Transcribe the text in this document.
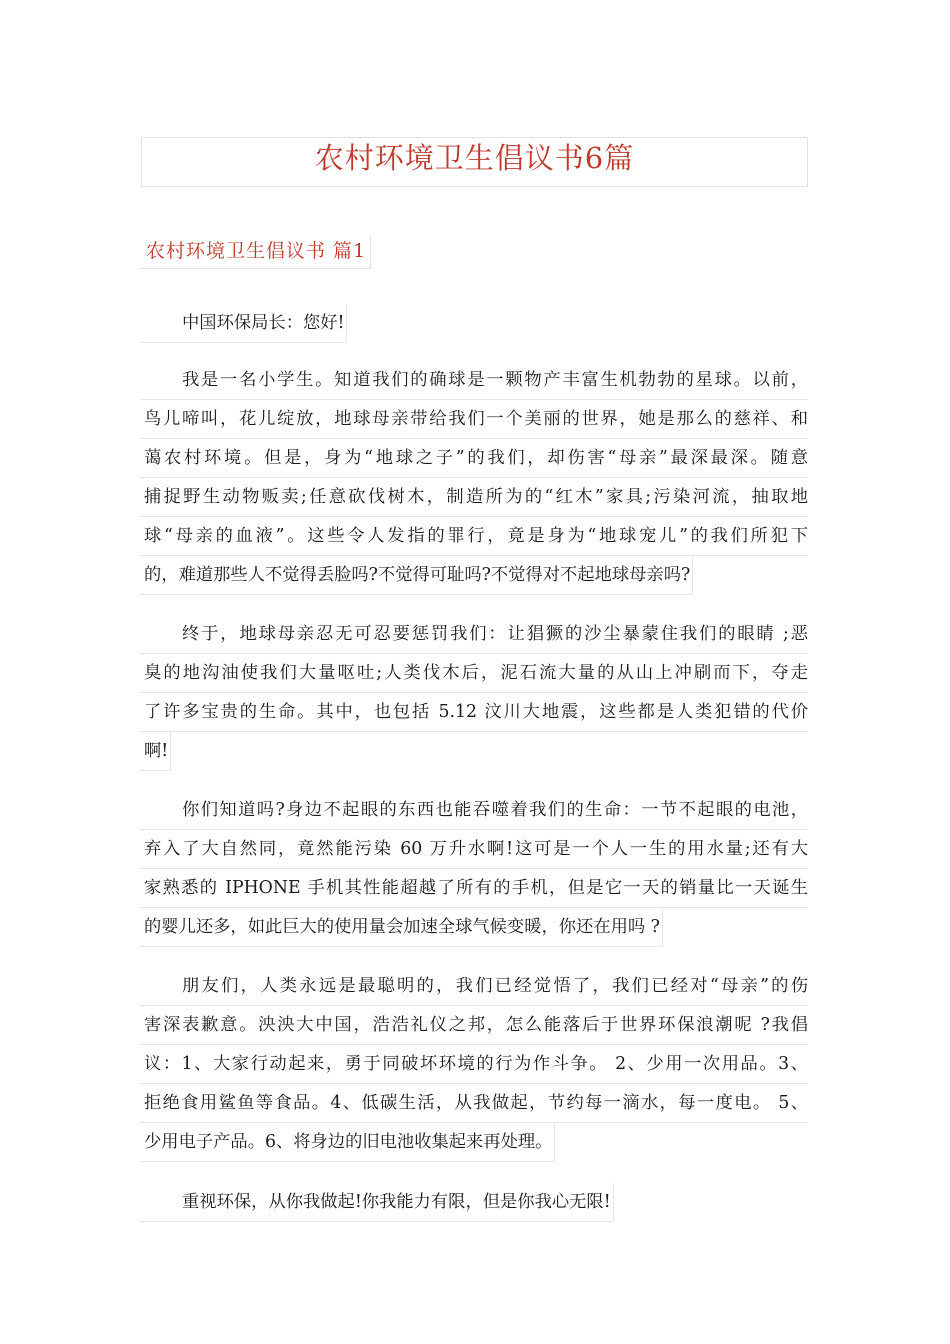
农村环境卫生倡议书6篇
农村环境卫生倡议书 篇1
中国环保局长：您好!
我是一名小学生。知道我们的确球是一颗物产丰富生机勃勃的星球。以前，
鸟儿啼叫，花儿绽放，地球母亲带给我们一个美丽的世界，她是那么的慈祥、和
蔼农村环境。但是，身为“地球之子”的我们，却伤害“母亲”最深最深。随意
捕捉野生动物贩卖;任意砍伐树木，制造所为的“红木”家具;污染河流，抽取地
球“母亲的血液”。这些令人发指的罪行，竟是身为“地球宠儿”的我们所犯下
的，难道那些人不觉得丢脸吗?不觉得可耻吗?不觉得对不起地球母亲吗?
终于，地球母亲忍无可忍要惩罚我们：让猖獗的沙尘暴蒙住我们的眼睛 ;恶
臭的地沟油使我们大量呕吐;人类伐木后，泥石流大量的从山上冲刷而下，夺走
了许多宝贵的生命。其中，也包括 5.12 汶川大地震，这些都是人类犯错的代价
啊!
你们知道吗?身边不起眼的东西也能吞噬着我们的生命：一节不起眼的电池，
弃入了大自然同，竟然能污染 60 万升水啊!这可是一个人一生的用水量;还有大
家熟悉的 IPHONE 手机其性能超越了所有的手机，但是它一天的销量比一天诞生
的婴儿还多，如此巨大的使用量会加速全球气候变暖，你还在用吗 ?
朋友们，人类永远是最聪明的，我们已经觉悟了，我们已经对“母亲”的伤
害深表歉意。泱泱大中国，浩浩礼仪之邦，怎么能落后于世界环保浪潮呢 ?我倡
议：1、大家行动起来，勇于同破坏环境的行为作斗争。 2、少用一次用品。3、
拒绝食用鲨鱼等食品。4、低碳生活，从我做起，节约每一滴水，每一度电。 5、
少用电子产品。6、将身边的旧电池收集起来再处理。
重视环保，从你我做起!你我能力有限，但是你我心无限!
